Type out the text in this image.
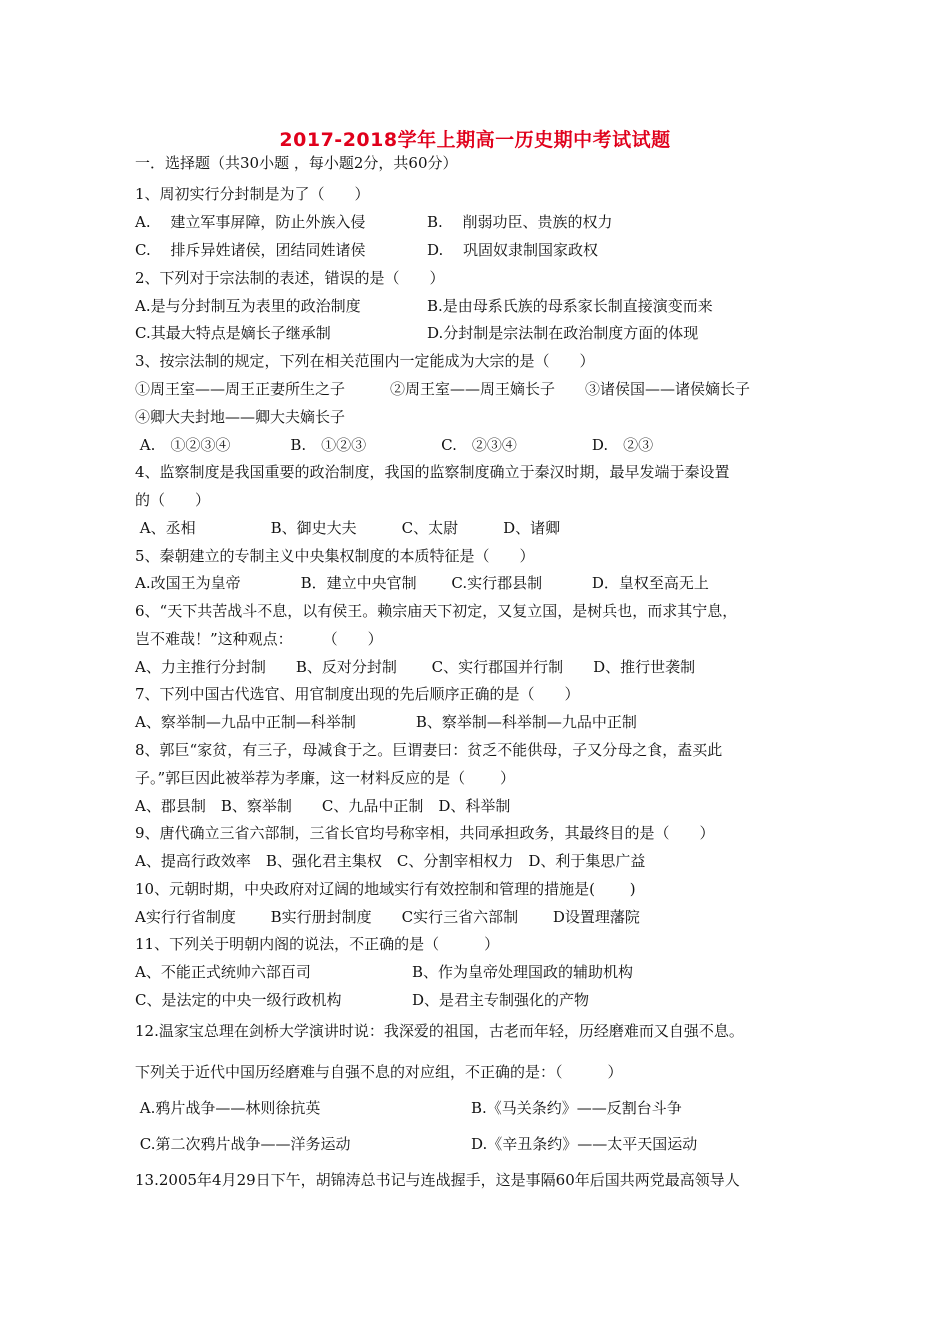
2017-2018学年上期高一历史期中考试试题
一．选择题（共30小题 ，每小题2分，共60分）
1、周初实行分封制是为了（　　）
A.　 建立军事屏障，防止外族入侵	B.　 削弱功臣、贵族的权力
C.　 排斥异姓诸侯，团结同姓诸侯	D.　 巩固奴隶制国家政权
2、下列对于宗法制的表述，错误的是（　　）
A.是与分封制互为表里的政治制度	B.是由母系氏族的母系家长制直接演变而来
C.其最大特点是嫡长子继承制	D.分封制是宗法制在政治制度方面的体现
3、按宗法制的规定，下列在相关范围内一定能成为大宗的是（　　）
①周王室——周王正妻所生之子　　　②周王室——周王嫡长子　　③诸侯国——诸侯嫡长子
④卿大夫封地——卿大夫嫡长子
A.　①②③④　　　　B.　①②③　　　　　C.　②③④　　　　　D.　②③
4、监察制度是我国重要的政治制度，我国的监察制度确立于秦汉时期，最早发端于秦设置
的（　　）
A、丞相　　　　　B、御史大夫　　　C、太尉　　　D、诸卿
5、秦朝建立的专制主义中央集权制度的本质特征是（　　）
A.改国王为皇帝　　　　B．建立中央官制　　 C.实行郡县制　　　 D．皇权至高无上
6、“天下共苦战斗不息，以有侯王。赖宗庙天下初定，又复立国，是树兵也，而求其宁息，
岂不难哉！”这种观点：　　　（　　）
A、力主推行分封制　　B、反对分封制　　 C、实行郡国并行制　　D、推行世袭制
7、下列中国古代选官、用官制度出现的先后顺序正确的是（　　）
A、察举制—九品中正制—科举制　　　　B、察举制—科举制—九品中正制
8、郭巨“家贫，有三子，母减食于之。巨谓妻曰：贫乏不能供母，子又分母之食，盍买此
子。”郭巨因此被举荐为孝廉，这一材料反应的是（　　 ）
A、郡县制　B、察举制　　C、九品中正制　D、科举制
9、唐代确立三省六部制，三省长官均号称宰相，共同承担政务，其最终目的是（　　）
A、提高行政效率　B、强化君主集权　C、分割宰相权力　D、利于集思广益
10、元朝时期，中央政府对辽阔的地域实行有效控制和管理的措施是(　　 )
A实行行省制度　　 B实行册封制度　　C实行三省六部制　　 D设置理藩院
11、下列关于明朝内阁的说法，不正确的是（　　　）
A、不能正式统帅六部百司	B、作为皇帝处理国政的辅助机构
C、是法定的中央一级行政机构	D、是君主专制强化的产物
12.温家宝总理在剑桥大学演讲时说：我深爱的祖国，古老而年轻，历经磨难而又自强不息。
下列关于近代中国历经磨难与自强不息的对应组，不正确的是：（　　　）
A.鸦片战争——林则徐抗英	B.《马关条约》——反割台斗争
C.第二次鸦片战争——洋务运动	D.《辛丑条约》——太平天国运动
13.2005年4月29日下午，胡锦涛总书记与连战握手，这是事隔60年后国共两党最高领导人
